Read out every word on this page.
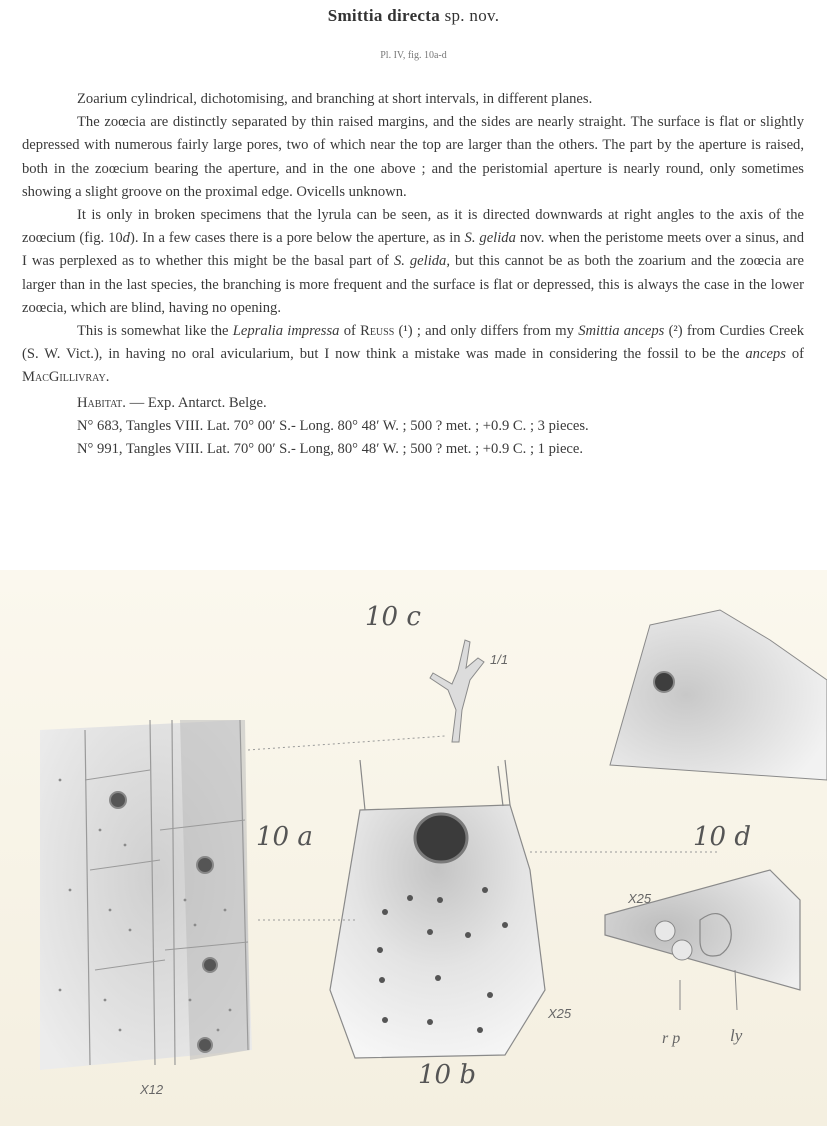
Smittia directa sp. nov.
Pl. IV, fig. 10a-d

Zoarium cylindrical, dichotomising, and branching at short intervals, in different planes.

The zoœcia are distinctly separated by thin raised margins, and the sides are nearly straight. The surface is flat or slightly depressed with numerous fairly large pores, two of which near the top are larger than the others. The part by the aperture is raised, both in the zoœcium bearing the aperture, and in the one above ; and the peristomial aperture is nearly round, only sometimes showing a slight groove on the proximal edge. Ovicells unknown.

It is only in broken specimens that the lyrula can be seen, as it is directed downwards at right angles to the axis of the zoœcium (fig. 10d). In a few cases there is a pore below the aperture, as in S. gelida nov. when the peristome meets over a sinus, and I was perplexed as to whether this might be the basal part of S. gelida, but this cannot be as both the zoarium and the zoœcia are larger than in the last species, the branching is more frequent and the surface is flat or depressed, this is always the case in the lower zoœcia, which are blind, having no opening.

This is somewhat like the Lepralia impressa of Reuss (¹) ; and only differs from my Smittia anceps (²) from Curdies Creek (S. W. Vict.), in having no oral avicularium, but I now think a mistake was made in considering the fossil to be the anceps of MacGillivray.

Habitat. — Exp. Antarct. Belge.
N° 683, Tangles VIII. Lat. 70° 00′ S.- Long. 80° 48′ W. ; 500 ? met. ; +0.9 C. ; 3 pieces.
N° 991, Tangles VIII. Lat. 70° 00′ S.- Long, 80° 48′ W. ; 500 ? met. ; +0.9 C. ; 1 piece.
10 c
10 a	10 d
10 b
1/1
X25
X25
X12
r p	ly
